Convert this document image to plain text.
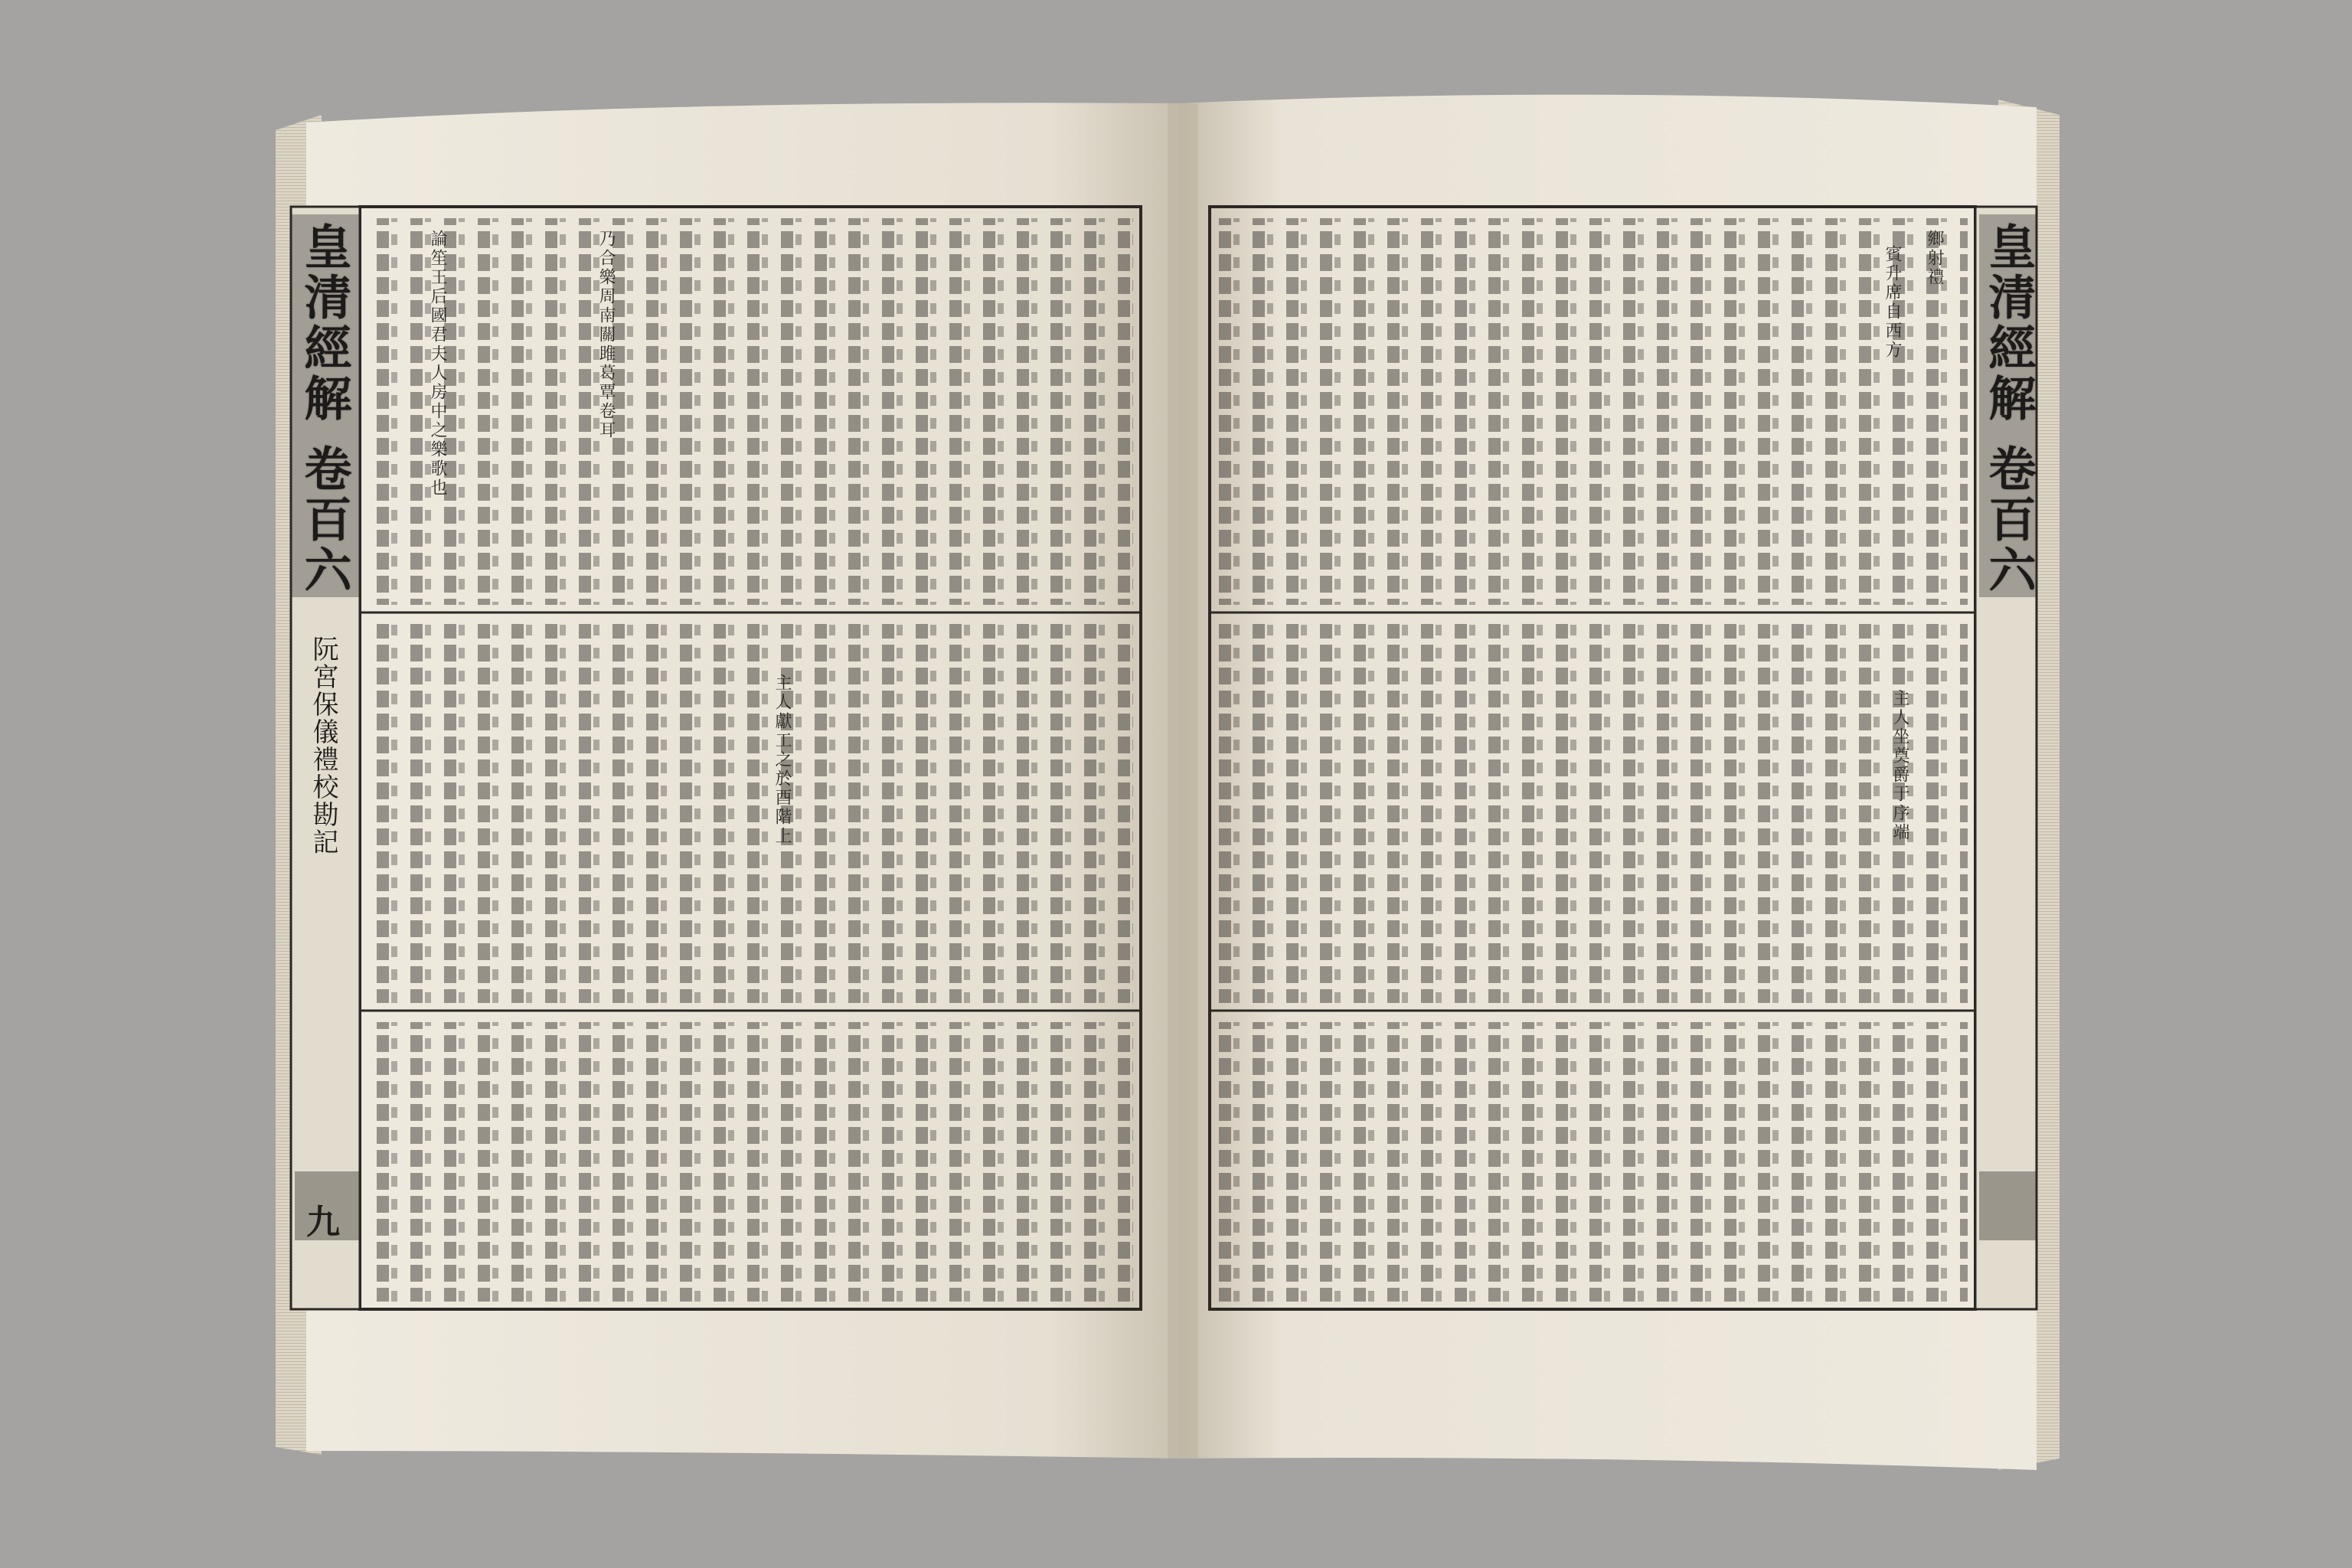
皇清經解
卷百六
阮宮保儀禮校勘記
九
皇清經解
卷百六
主人獻工之於酉階上
乃合樂周南關雎葛覃卷耳
論笙王后國君夫人房中之樂歌也	鄉射禮
賓升席自西方
主人坐奠爵于序端
